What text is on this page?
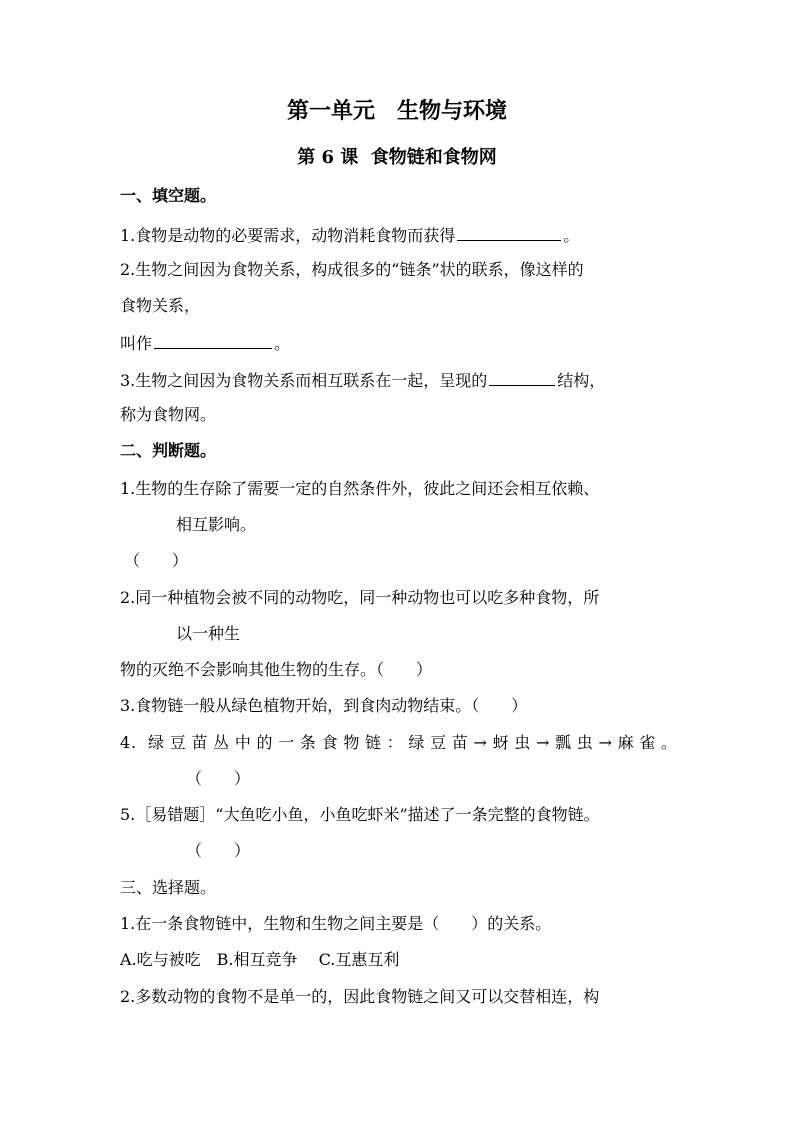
第一单元　生物与环境
第 6 课  食物链和食物网
一、填空题。
1.食物是动物的必要需求，动物消耗食物而获得	。
2.生物之间因为食物关系，构成很多的“链条”状的联系，像这样的
食物关系，
叫作	。
3.生物之间因为食物关系而相互联系在一起，呈现的	结构，
称为食物网。
二、判断题。
1.生物的生存除了需要一定的自然条件外，彼此之间还会相互依赖、
相互影响。
（　　）
2.同一种植物会被不同的动物吃，同一种动物也可以吃多种食物，所
以一种生
物的灭绝不会影响其他生物的生存。（　　）
3.食物链一般从绿色植物开始，到食肉动物结束。（　　）
4. 绿豆苗丛中的一条食物链：绿豆苗→蚜虫→瓢虫→麻雀。
（　　）
5.［易错题］“大鱼吃小鱼，小鱼吃虾米”描述了一条完整的食物链。
（　　）
三、选择题。
1.在一条食物链中，生物和生物之间主要是（　　）的关系。
A.吃与被吃　B.相互竞争　 C.互惠互利
2.多数动物的食物不是单一的，因此食物链之间又可以交替相连，构
